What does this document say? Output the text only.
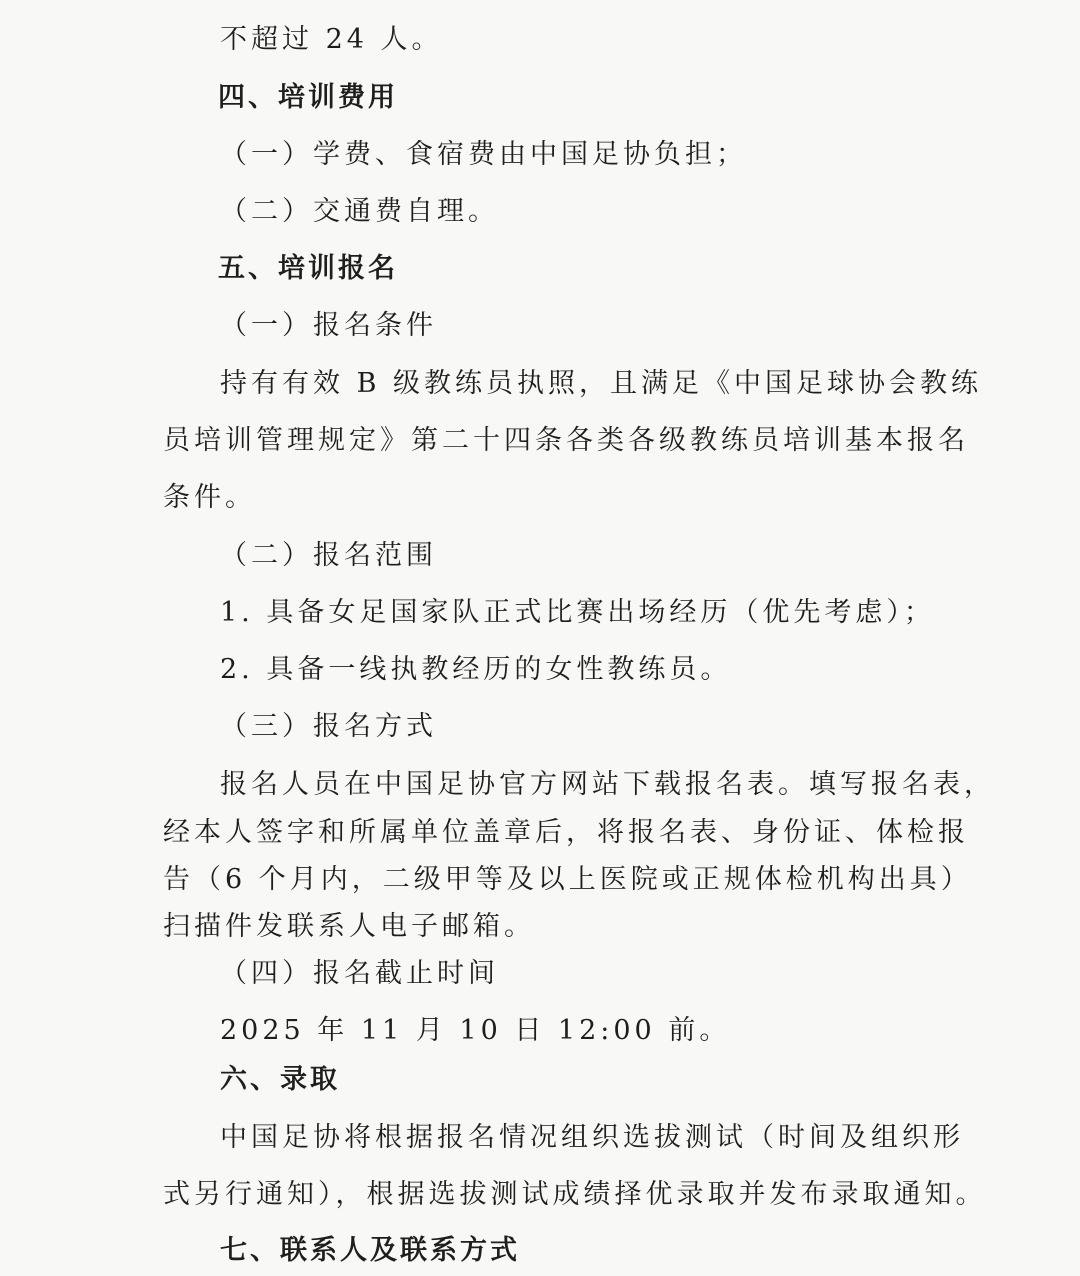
不超过 24 人。
四、培训费用
（一）学费、食宿费由中国足协负担；
（二）交通费自理。
五、培训报名
（一）报名条件
持有有效 B 级教练员执照，且满足《中国足球协会教练
员培训管理规定》第二十四条各类各级教练员培训基本报名
条件。
（二）报名范围
1. 具备女足国家队正式比赛出场经历（优先考虑）；
2. 具备一线执教经历的女性教练员。
（三）报名方式
报名人员在中国足协官方网站下载报名表。填写报名表，
经本人签字和所属单位盖章后，将报名表、身份证、体检报
告（6 个月内，二级甲等及以上医院或正规体检机构出具）
扫描件发联系人电子邮箱。
（四）报名截止时间
2025 年 11 月 10 日 12:00 前。
六、录取
中国足协将根据报名情况组织选拔测试（时间及组织形
式另行通知），根据选拔测试成绩择优录取并发布录取通知。
七、联系人及联系方式
